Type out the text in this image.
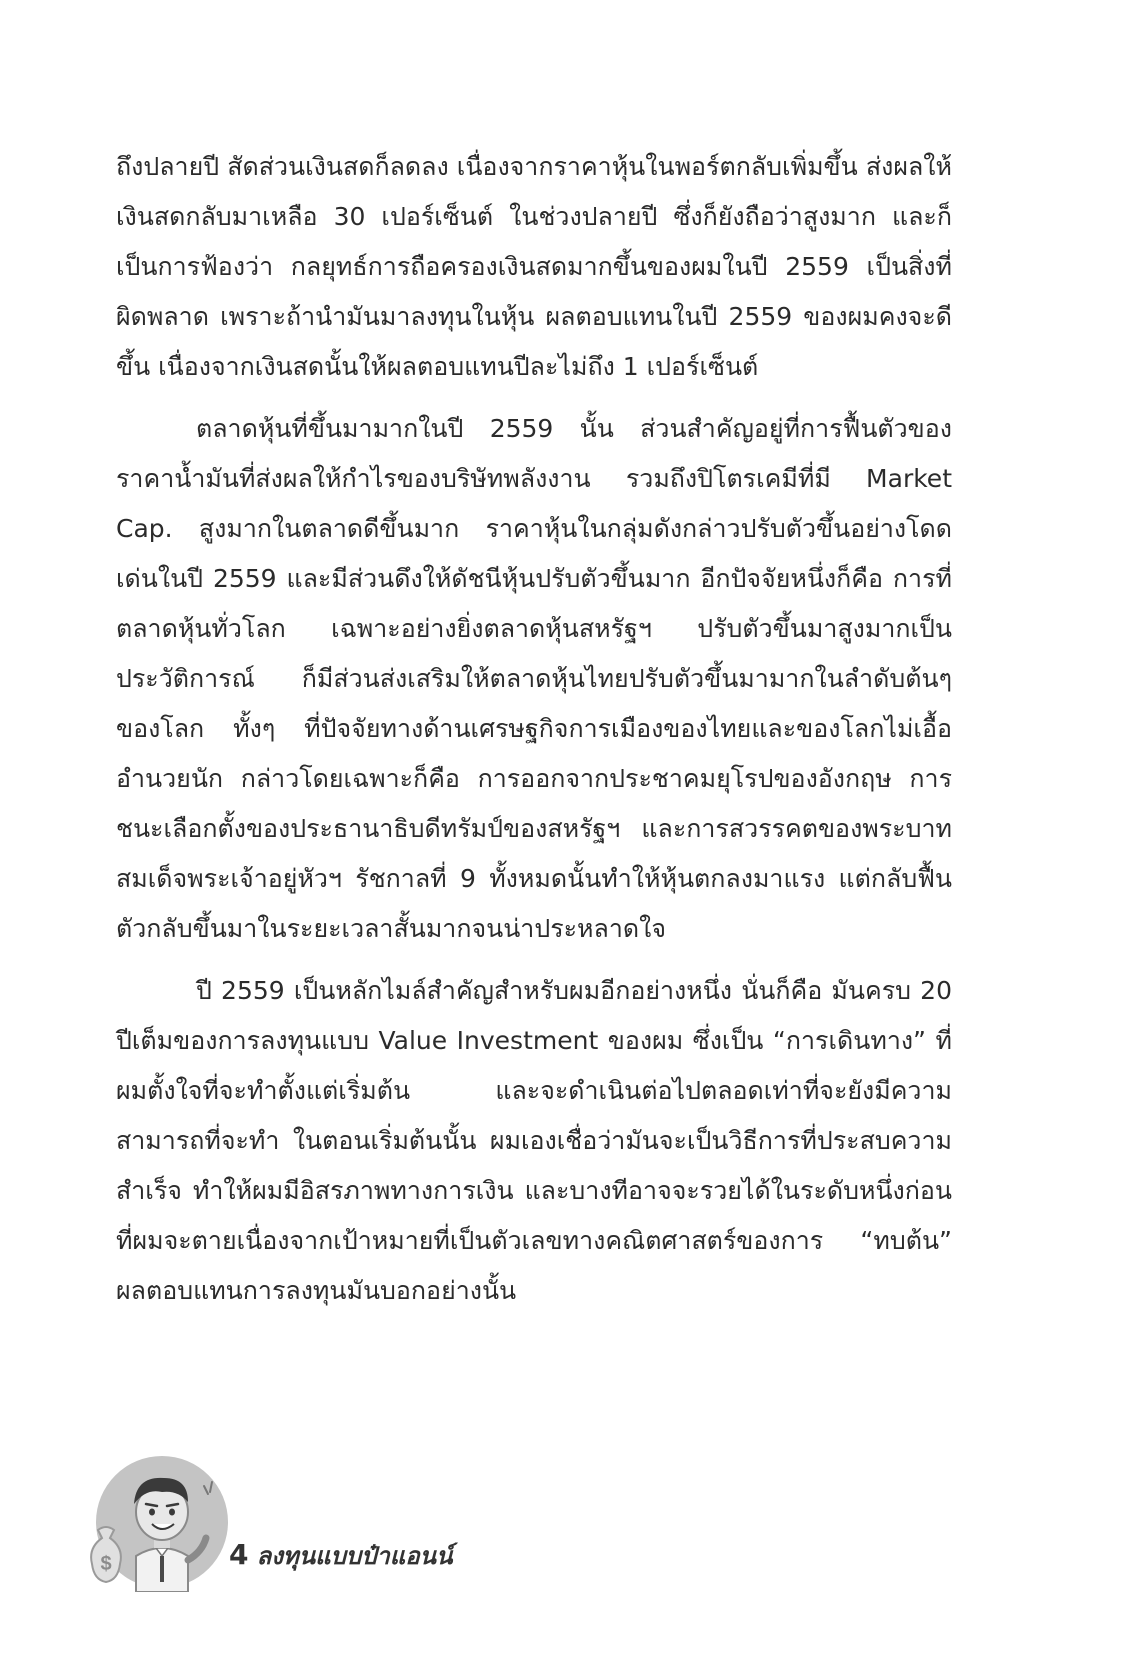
ถึงปลายปี สัดส่วนเงินสดก็ลดลง เนื่องจากราคาหุ้นในพอร์ตกลับเพิ่มขึ้น ส่งผลให้เงินสดกลับมาเหลือ 30 เปอร์เซ็นต์ ในช่วงปลายปี ซึ่งก็ยังถือว่าสูงมาก และก็เป็นการฟ้องว่า กลยุทธ์การถือครองเงินสดมากขึ้นของผมในปี 2559 เป็นสิ่งที่ผิดพลาด เพราะถ้านำมันมาลงทุนในหุ้น ผลตอบแทนในปี 2559 ของผมคงจะดีขึ้น เนื่องจากเงินสดนั้นให้ผลตอบแทนปีละไม่ถึง 1 เปอร์เซ็นต์

ตลาดหุ้นที่ขึ้นมามากในปี 2559 นั้น ส่วนสำคัญอยู่ที่การฟื้นตัวของราคาน้ำมันที่ส่งผลให้กำไรของบริษัทพลังงาน รวมถึงปิโตรเคมีที่มี Market Cap. สูงมากในตลาดดีขึ้นมาก ราคาหุ้นในกลุ่มดังกล่าวปรับตัวขึ้นอย่างโดดเด่นในปี 2559 และมีส่วนดึงให้ดัชนีหุ้นปรับตัวขึ้นมาก อีกปัจจัยหนึ่งก็คือ การที่ตลาดหุ้นทั่วโลก เฉพาะอย่างยิ่งตลาดหุ้นสหรัฐฯ ปรับตัวขึ้นมาสูงมากเป็นประวัติการณ์ ก็มีส่วนส่งเสริมให้ตลาดหุ้นไทยปรับตัวขึ้นมามากในลำดับต้นๆ ของโลก ทั้งๆ ที่ปัจจัยทางด้านเศรษฐกิจการเมืองของไทยและของโลกไม่เอื้ออำนวยนัก กล่าวโดยเฉพาะก็คือ การออกจากประชาคมยุโรปของอังกฤษ การชนะเลือกตั้งของประธานาธิบดีทรัมป์ของสหรัฐฯ และการสวรรคตของพระบาทสมเด็จพระเจ้าอยู่หัวฯ รัชกาลที่ 9 ทั้งหมดนั้นทำให้หุ้นตกลงมาแรง แต่กลับฟื้นตัวกลับขึ้นมาในระยะเวลาสั้นมากจนน่าประหลาดใจ

ปี 2559 เป็นหลักไมล์สำคัญสำหรับผมอีกอย่างหนึ่ง นั่นก็คือ มันครบ 20 ปีเต็มของการลงทุนแบบ Value Investment ของผม ซึ่งเป็น “การเดินทาง” ที่ผมตั้งใจที่จะทำตั้งแต่เริ่มต้น และจะดำเนินต่อไปตลอดเท่าที่จะยังมีความสามารถที่จะทำ ในตอนเริ่มต้นนั้น ผมเองเชื่อว่ามันจะเป็นวิธีการที่ประสบความสำเร็จ ทำให้ผมมีอิสรภาพทางการเงิน และบางทีอาจจะรวยได้ในระดับหนึ่งก่อนที่ผมจะตายเนื่องจากเป้าหมายที่เป็นตัวเลขทางคณิตศาสตร์ของการ “ทบต้น” ผลตอบแทนการลงทุนมันบอกอย่างนั้น

$	4 ลงทุนแบบป๋าแอนน์
